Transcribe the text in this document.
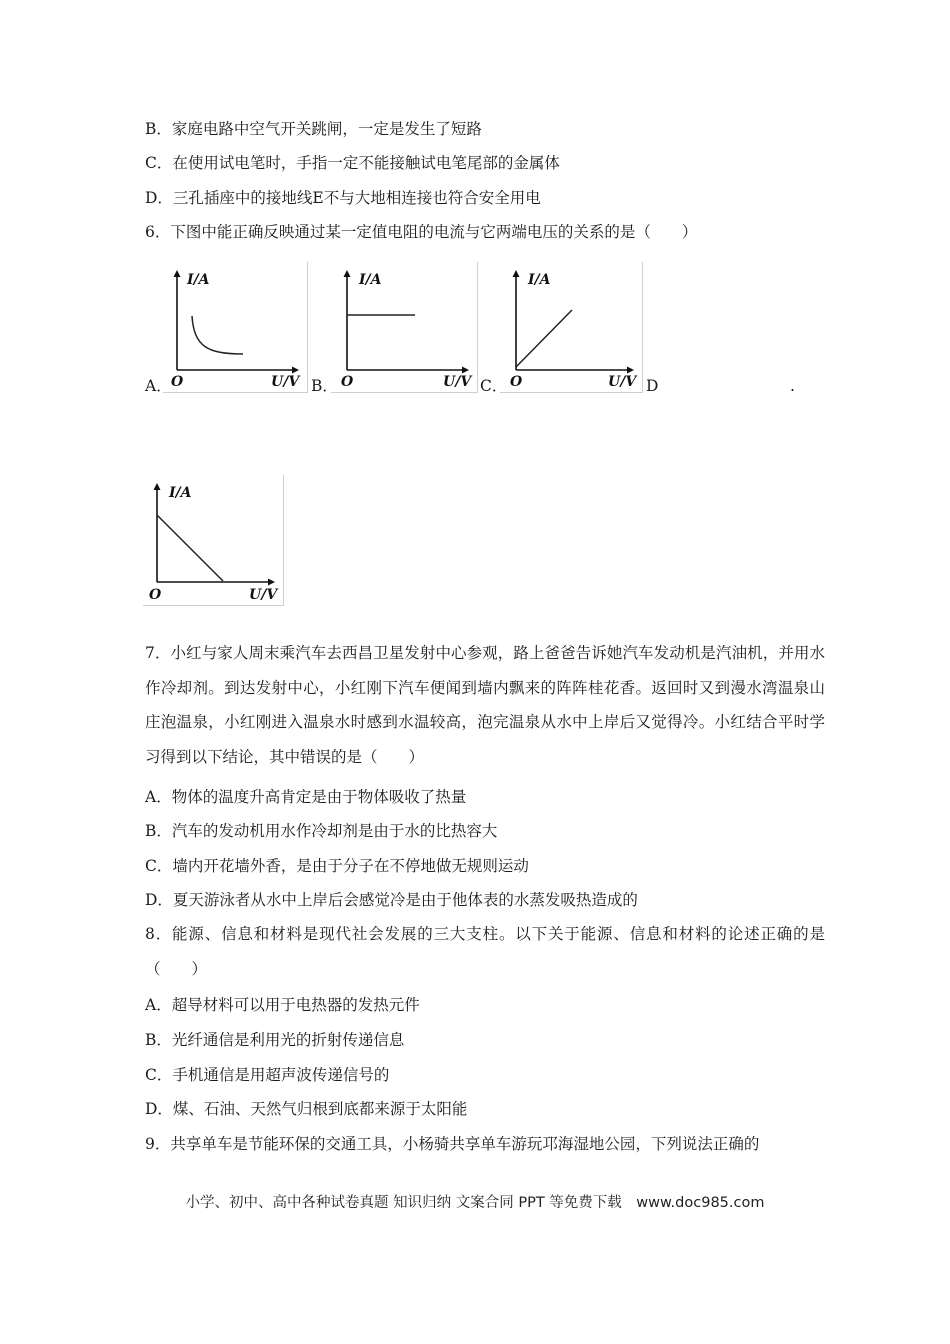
B．家庭电路中空气开关跳闸，一定是发生了短路
C．在使用试电笔时，手指一定不能接触试电笔尾部的金属体
D．三孔插座中的接地线E不与大地相连接也符合安全用电
6．下图中能正确反映通过某一定值电阻的电流与它两端电压的关系的是（　　）
A．
I/A
O	U/V B．
I/A
O	U/V C．
I/A
O	U/V D	.
I/A
O	U/V
7．小红与家人周末乘汽车去西昌卫星发射中心参观，路上爸爸告诉她汽车发动机是汽油机，并用水作冷却剂。到达发射中心，小红刚下汽车便闻到墙内飘来的阵阵桂花香。返回时又到漫水湾温泉山庄泡温泉，小红刚进入温泉水时感到水温较高，泡完温泉从水中上岸后又觉得冷。小红结合平时学习得到以下结论，其中错误的是（　　）
A．物体的温度升高肯定是由于物体吸收了热量
B．汽车的发动机用水作冷却剂是由于水的比热容大
C．墙内开花墙外香，是由于分子在不停地做无规则运动
D．夏天游泳者从水中上岸后会感觉冷是由于他体表的水蒸发吸热造成的
8．能源、信息和材料是现代社会发展的三大支柱。以下关于能源、信息和材料的论述正确的是（　　）
A．超导材料可以用于电热器的发热元件
B．光纤通信是利用光的折射传递信息
C．手机通信是用超声波传递信号的
D．煤、石油、天然气归根到底都来源于太阳能
9．共享单车是节能环保的交通工具，小杨骑共享单车游玩邛海湿地公园，下列说法正确的
小学、初中、高中各种试卷真题 知识归纳 文案合同 PPT 等免费下载　www.doc985.com
